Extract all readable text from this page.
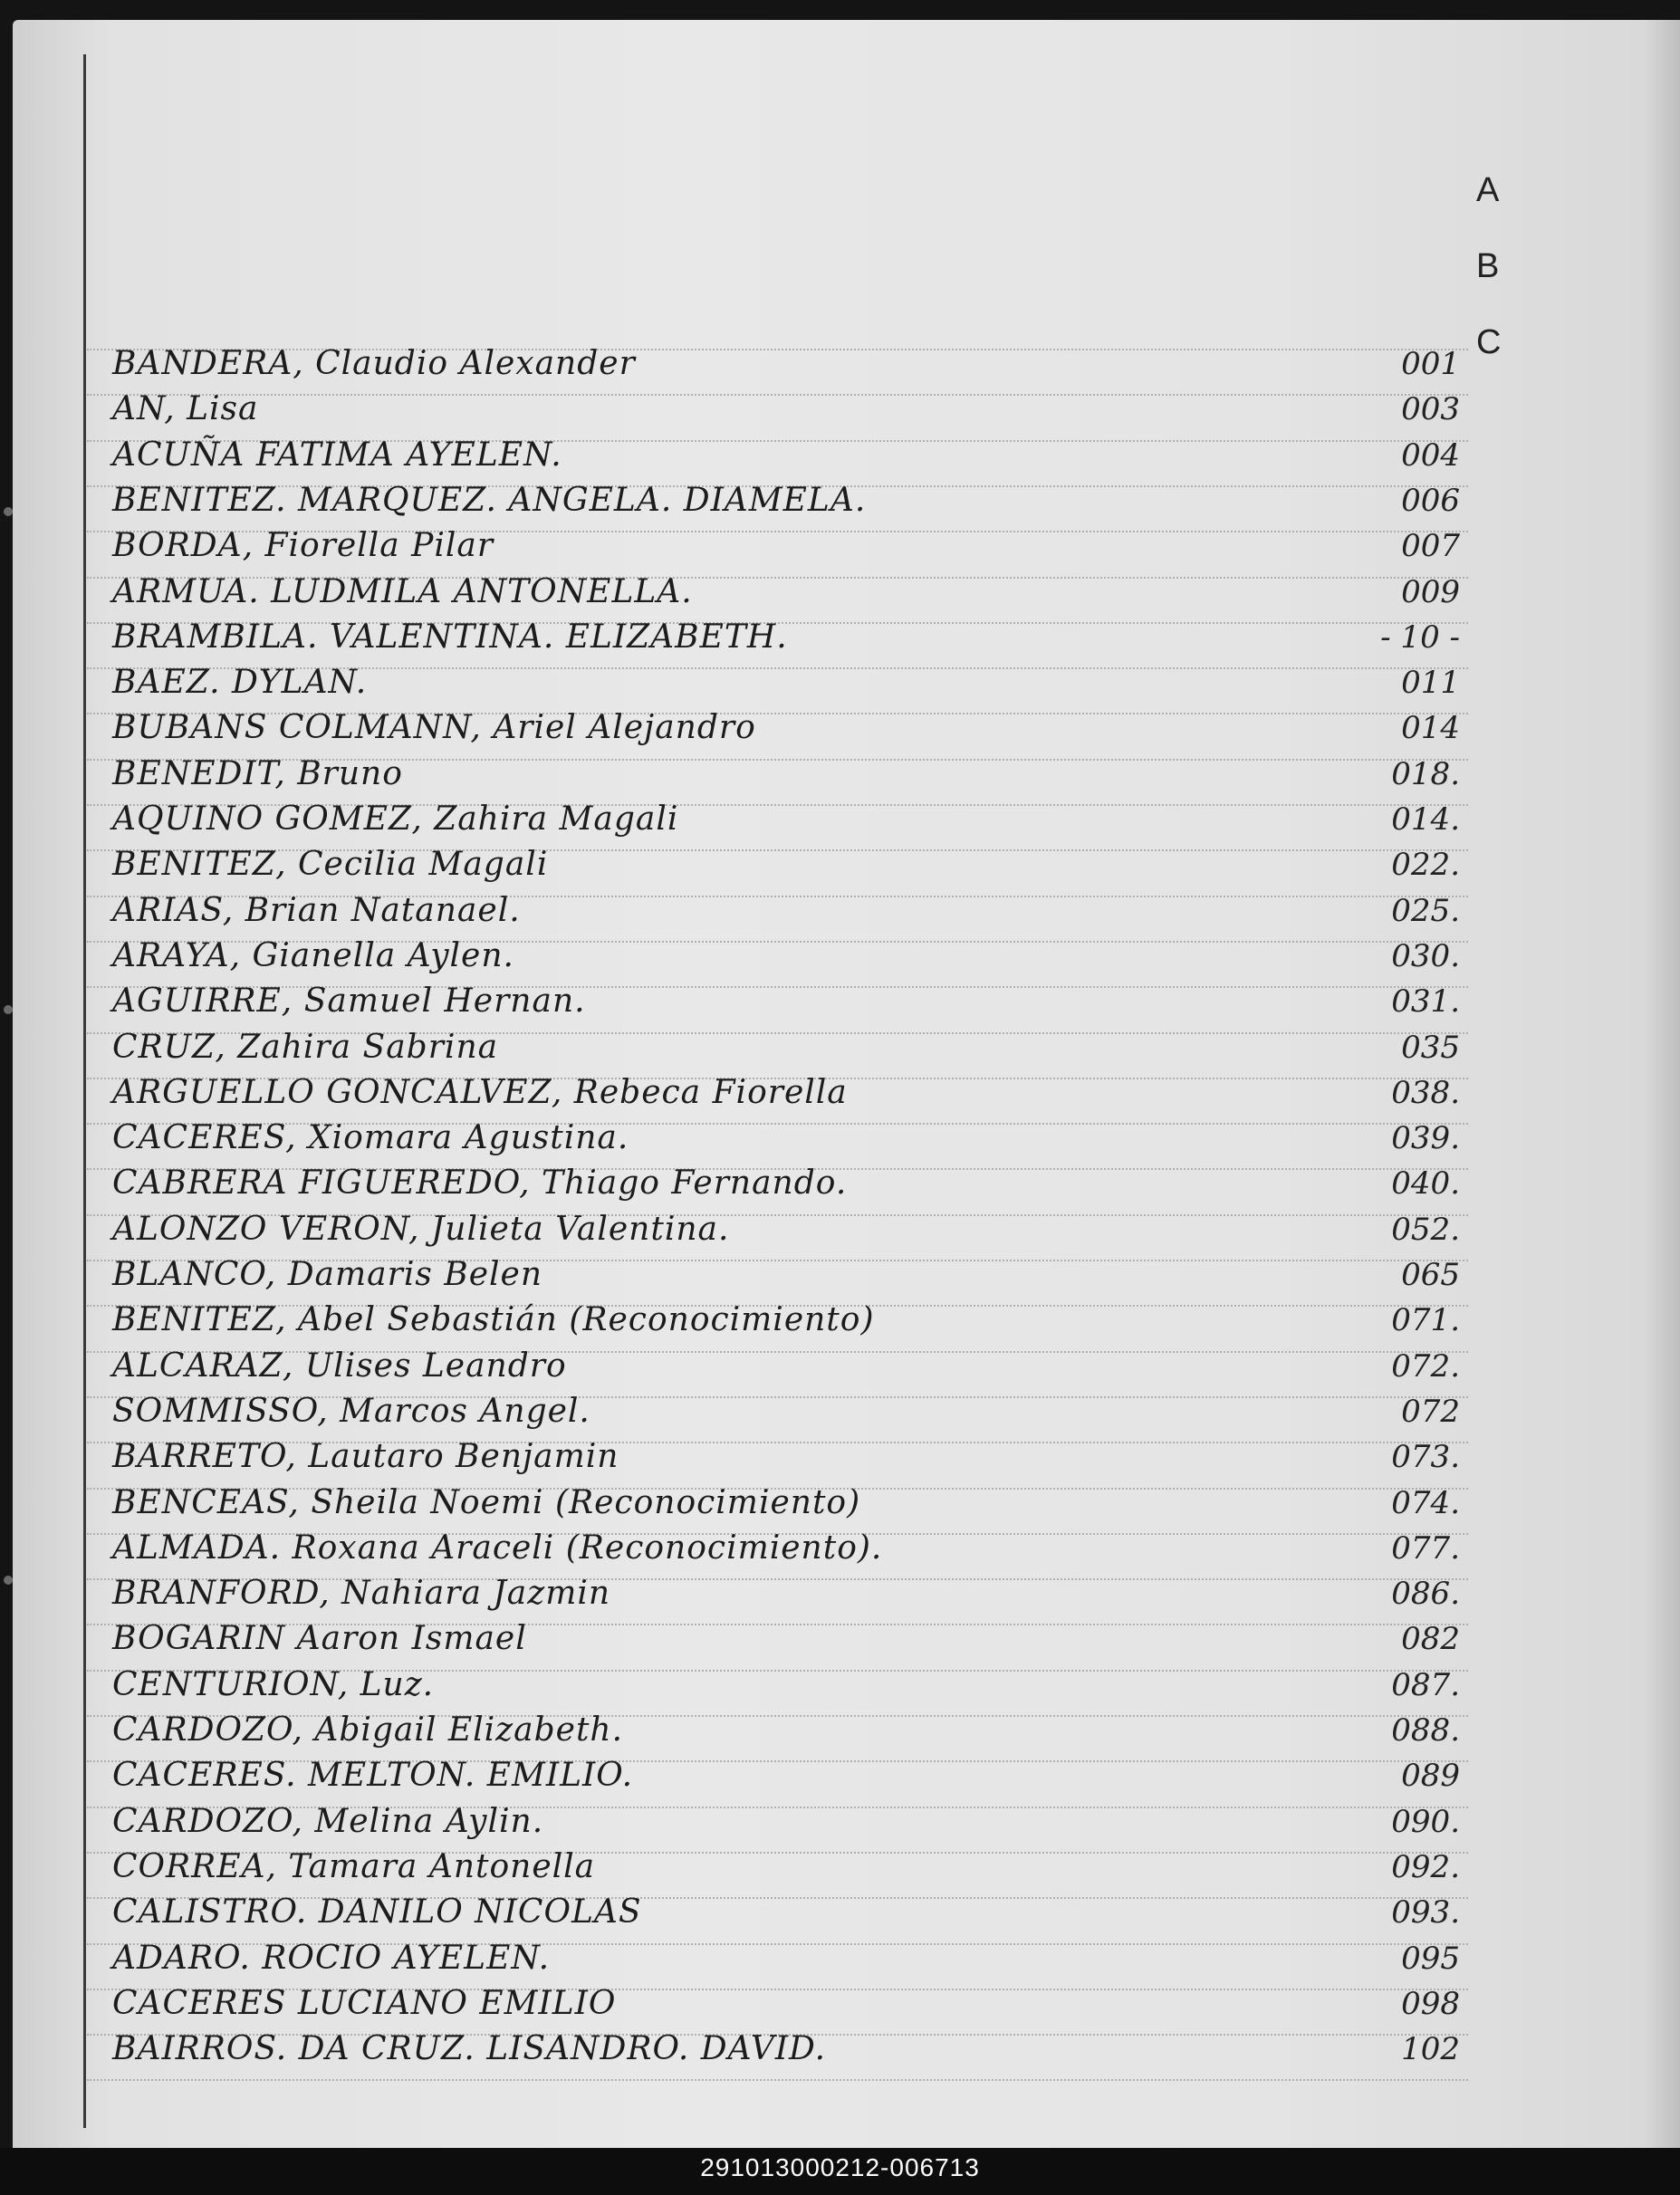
A
B
C
BANDERA, Claudio Alexander	001
AN, Lisa	003
ACUÑA FATIMA AYELEN.	004
BENITEZ. MARQUEZ. ANGELA. DIAMELA.	006
BORDA, Fiorella Pilar	007
ARMUA. LUDMILA ANTONELLA.	009
BRAMBILA. VALENTINA. ELIZABETH.	- 10 -
BAEZ. DYLAN.	011
BUBANS COLMANN, Ariel Alejandro	014
BENEDIT, Bruno	018.
AQUINO GOMEZ, Zahira Magali	014.
BENITEZ, Cecilia Magali	022.
ARIAS, Brian Natanael.	025.
ARAYA, Gianella Aylen.	030.
AGUIRRE, Samuel Hernan.	031.
CRUZ, Zahira Sabrina	035
ARGUELLO GONCALVEZ, Rebeca Fiorella	038.
CACERES, Xiomara Agustina.	039.
CABRERA FIGUEREDO, Thiago Fernando.	040.
ALONZO VERON, Julieta Valentina.	052.
BLANCO, Damaris Belen	065
BENITEZ, Abel Sebastián (Reconocimiento)	071.
ALCARAZ, Ulises Leandro	072.
SOMMISSO, Marcos Angel.	072
BARRETO, Lautaro Benjamin	073.
BENCEAS, Sheila Noemi (Reconocimiento)	074.
ALMADA. Roxana Araceli (Reconocimiento).	077.
BRANFORD, Nahiara Jazmin	086.
BOGARIN Aaron Ismael	082
CENTURION, Luz.	087.
CARDOZO, Abigail Elizabeth.	088.
CACERES. MELTON. EMILIO.	089
CARDOZO, Melina Aylin.	090.
CORREA, Tamara Antonella	092.
CALISTRO. DANILO NICOLAS	093.
ADARO. ROCIO AYELEN.	095
CACERES LUCIANO EMILIO	098
BAIRROS. DA CRUZ. LISANDRO. DAVID.	102
291013000212-006713
